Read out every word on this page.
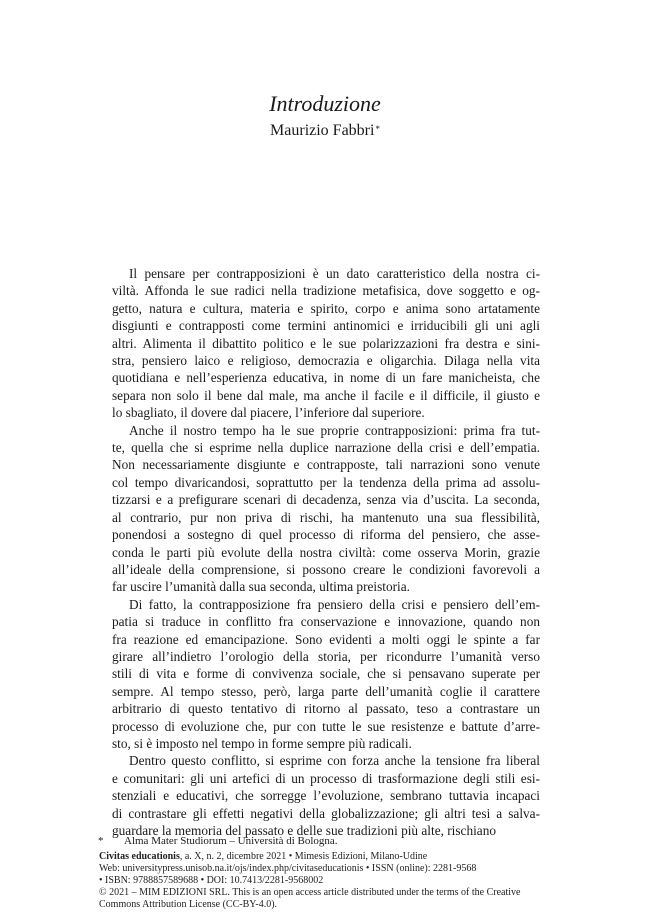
Introduzione
Maurizio Fabbri*
Il pensare per contrapposizioni è un dato caratteristico della nostra ci-
viltà. Affonda le sue radici nella tradizione metafisica, dove soggetto e og-
getto, natura e cultura, materia e spirito, corpo e anima sono artatamente
disgiunti e contrapposti come termini antinomici e irriducibili gli uni agli
altri. Alimenta il dibattito politico e le sue polarizzazioni fra destra e sini-
stra, pensiero laico e religioso, democrazia e oligarchia. Dilaga nella vita
quotidiana e nell’esperienza educativa, in nome di un fare manicheista, che
separa non solo il bene dal male, ma anche il facile e il difficile, il giusto e
lo sbagliato, il dovere dal piacere, l’inferiore dal superiore.
Anche il nostro tempo ha le sue proprie contrapposizioni: prima fra tut-
te, quella che si esprime nella duplice narrazione della crisi e dell’empatia.
Non necessariamente disgiunte e contrapposte, tali narrazioni sono venute
col tempo divaricandosi, soprattutto per la tendenza della prima ad assolu-
tizzarsi e a prefigurare scenari di decadenza, senza via d’uscita. La seconda,
al contrario, pur non priva di rischi, ha mantenuto una sua flessibilità,
ponendosi a sostegno di quel processo di riforma del pensiero, che asse-
conda le parti più evolute della nostra civiltà: come osserva Morin, grazie
all’ideale della comprensione, si possono creare le condizioni favorevoli a
far uscire l’umanità dalla sua seconda, ultima preistoria.
Di fatto, la contrapposizione fra pensiero della crisi e pensiero dell’em-
patia si traduce in conflitto fra conservazione e innovazione, quando non
fra reazione ed emancipazione. Sono evidenti a molti oggi le spinte a far
girare all’indietro l’orologio della storia, per ricondurre l’umanità verso
stili di vita e forme di convivenza sociale, che si pensavano superate per
sempre. Al tempo stesso, però, larga parte dell’umanità coglie il carattere
arbitrario di questo tentativo di ritorno al passato, teso a contrastare un
processo di evoluzione che, pur con tutte le sue resistenze e battute d’arre-
sto, si è imposto nel tempo in forme sempre più radicali.
Dentro questo conflitto, si esprime con forza anche la tensione fra liberal
e comunitari: gli uni artefici di un processo di trasformazione degli stili esi-
stenziali e educativi, che sorregge l’evoluzione, sembrano tuttavia incapaci
di contrastare gli effetti negativi della globalizzazione; gli altri tesi a salva-
guardare la memoria del passato e delle sue tradizioni più alte, rischiano
* Alma Mater Studiorum – Università di Bologna.
Civitas educationis, a. X, n. 2, dicembre 2021 • Mimesis Edizioni, Milano-Udine
Web: universitypress.unisob.na.it/ojs/index.php/civitaseducationis • ISSN (online): 2281-9568
• ISBN: 9788857589688 • DOI: 10.7413/2281-9568002
© 2021 – MIM EDIZIONI SRL. This is an open access article distributed under the terms of the Creative
Commons Attribution License (CC-BY-4.0).
